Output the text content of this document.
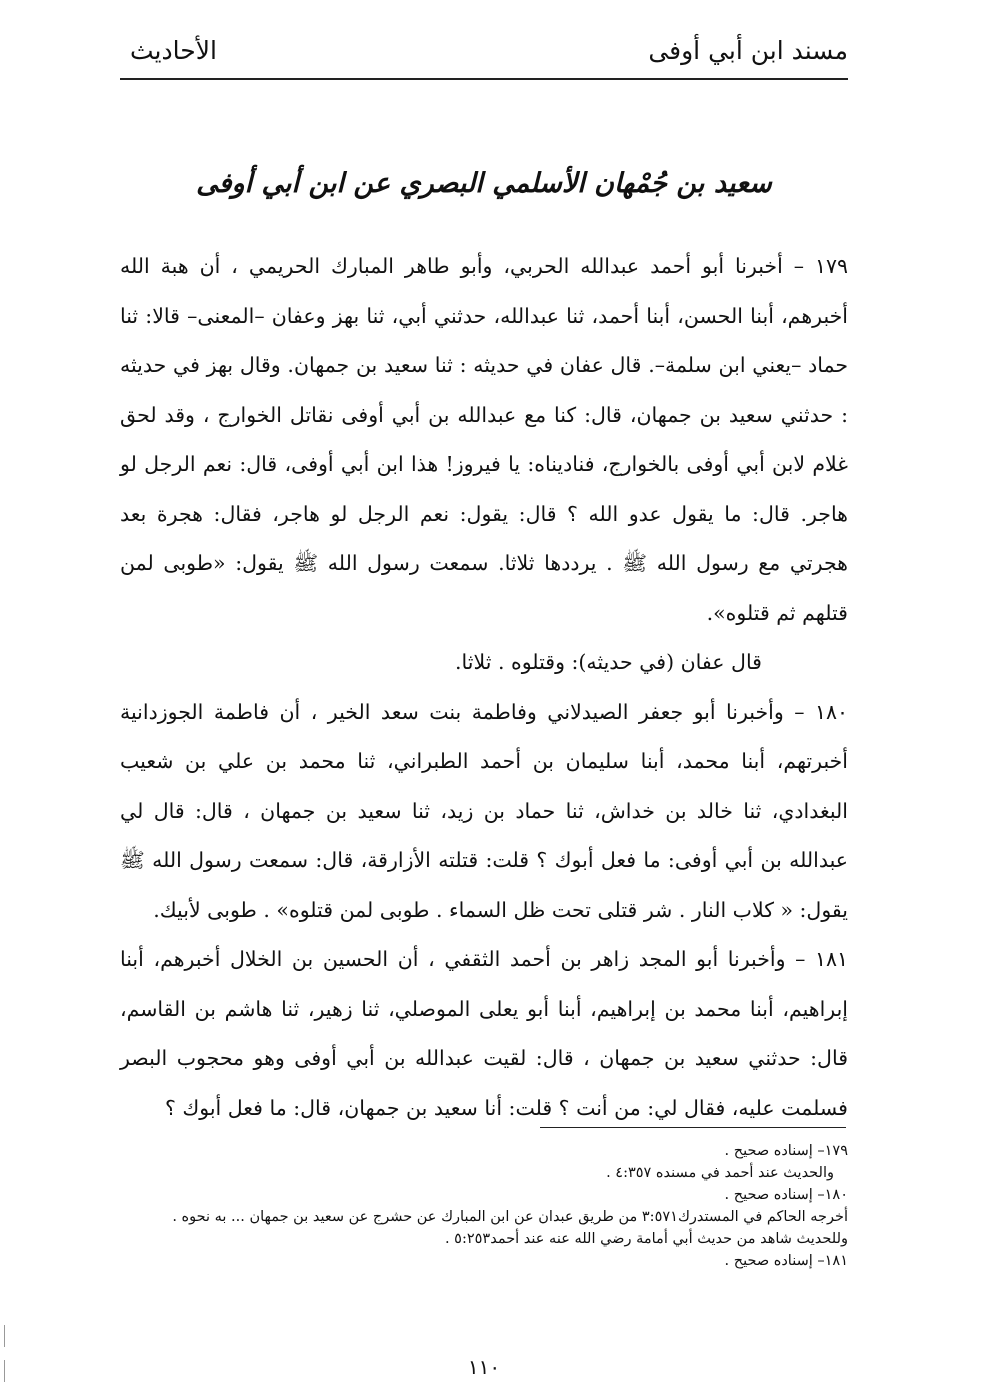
مسند ابن أبي أوفى
الأحاديث
سعيد بن جُمْهان الأسلمي البصري عن ابن أبي أوفى

١٧٩ – أخبرنا أبو أحمد عبدالله الحربي، وأبو طاهر المبارك الحريمي ، أن هبة الله أخبرهم، أبنا الحسن، أبنا أحمد، ثنا عبدالله، حدثني أبي، ثنا بهز وعفان –المعنى– قالا: ثنا حماد –يعني ابن سلمة–. قال عفان في حديثه : ثنا سعيد بن جمهان. وقال بهز في حديثه : حدثني سعيد بن جمهان، قال: كنا مع عبدالله بن أبي أوفى نقاتل الخوارج ، وقد لحق غلام لابن أبي أوفى بالخوارج، فناديناه: يا فيروز! هذا ابن أبي أوفى، قال: نعم الرجل لو هاجر. قال: ما يقول عدو الله ؟ قال: يقول: نعم الرجل لو هاجر، فقال: هجرة بعد هجرتي مع رسول الله ﷺ . يرددها ثلاثا. سمعت رسول الله ﷺ يقول: «طوبى لمن قتلهم ثم قتلوه».

قال عفان (في حديثه): وقتلوه . ثلاثا.

١٨٠ – وأخبرنا أبو جعفر الصيدلاني وفاطمة بنت سعد الخير ، أن فاطمة الجوزدانية أخبرتهم، أبنا محمد، أبنا سليمان بن أحمد الطبراني، ثنا محمد بن علي بن شعيب البغدادي، ثنا خالد بن خداش، ثنا حماد بن زيد، ثنا سعيد بن جمهان ، قال: قال لي عبدالله بن أبي أوفى: ما فعل أبوك ؟ قلت: قتلته الأزارقة، قال: سمعت رسول الله ﷺ يقول: « كلاب النار . شر قتلى تحت ظل السماء . طوبى لمن قتلوه» . طوبى لأبيك.

١٨١ – وأخبرنا أبو المجد زاهر بن أحمد الثقفي ، أن الحسين بن الخلال أخبرهم، أبنا إبراهيم، أبنا محمد بن إبراهيم، أبنا أبو يعلى الموصلي، ثنا زهير، ثنا هاشم بن القاسم، قال: حدثني سعيد بن جمهان ، قال: لقيت عبدالله بن أبي أوفى وهو محجوب البصر فسلمت عليه، فقال لي: من أنت ؟ قلت: أنا سعيد بن جمهان، قال: ما فعل أبوك ؟

١٧٩– إسناده صحيح .

والحديث عند أحمد في مسنده ٤:٣٥٧ .

١٨٠– إسناده صحيح .

أخرجه الحاكم في المستدرك٣:٥٧١ من طريق عبدان عن ابن المبارك عن حشرج عن سعيد بن جمهان ... به نحوه . وللحديث شاهد من حديث أبي أمامة رضي الله عنه عند أحمد٥:٢٥٣ .

١٨١– إسناده صحيح .

١١٠
